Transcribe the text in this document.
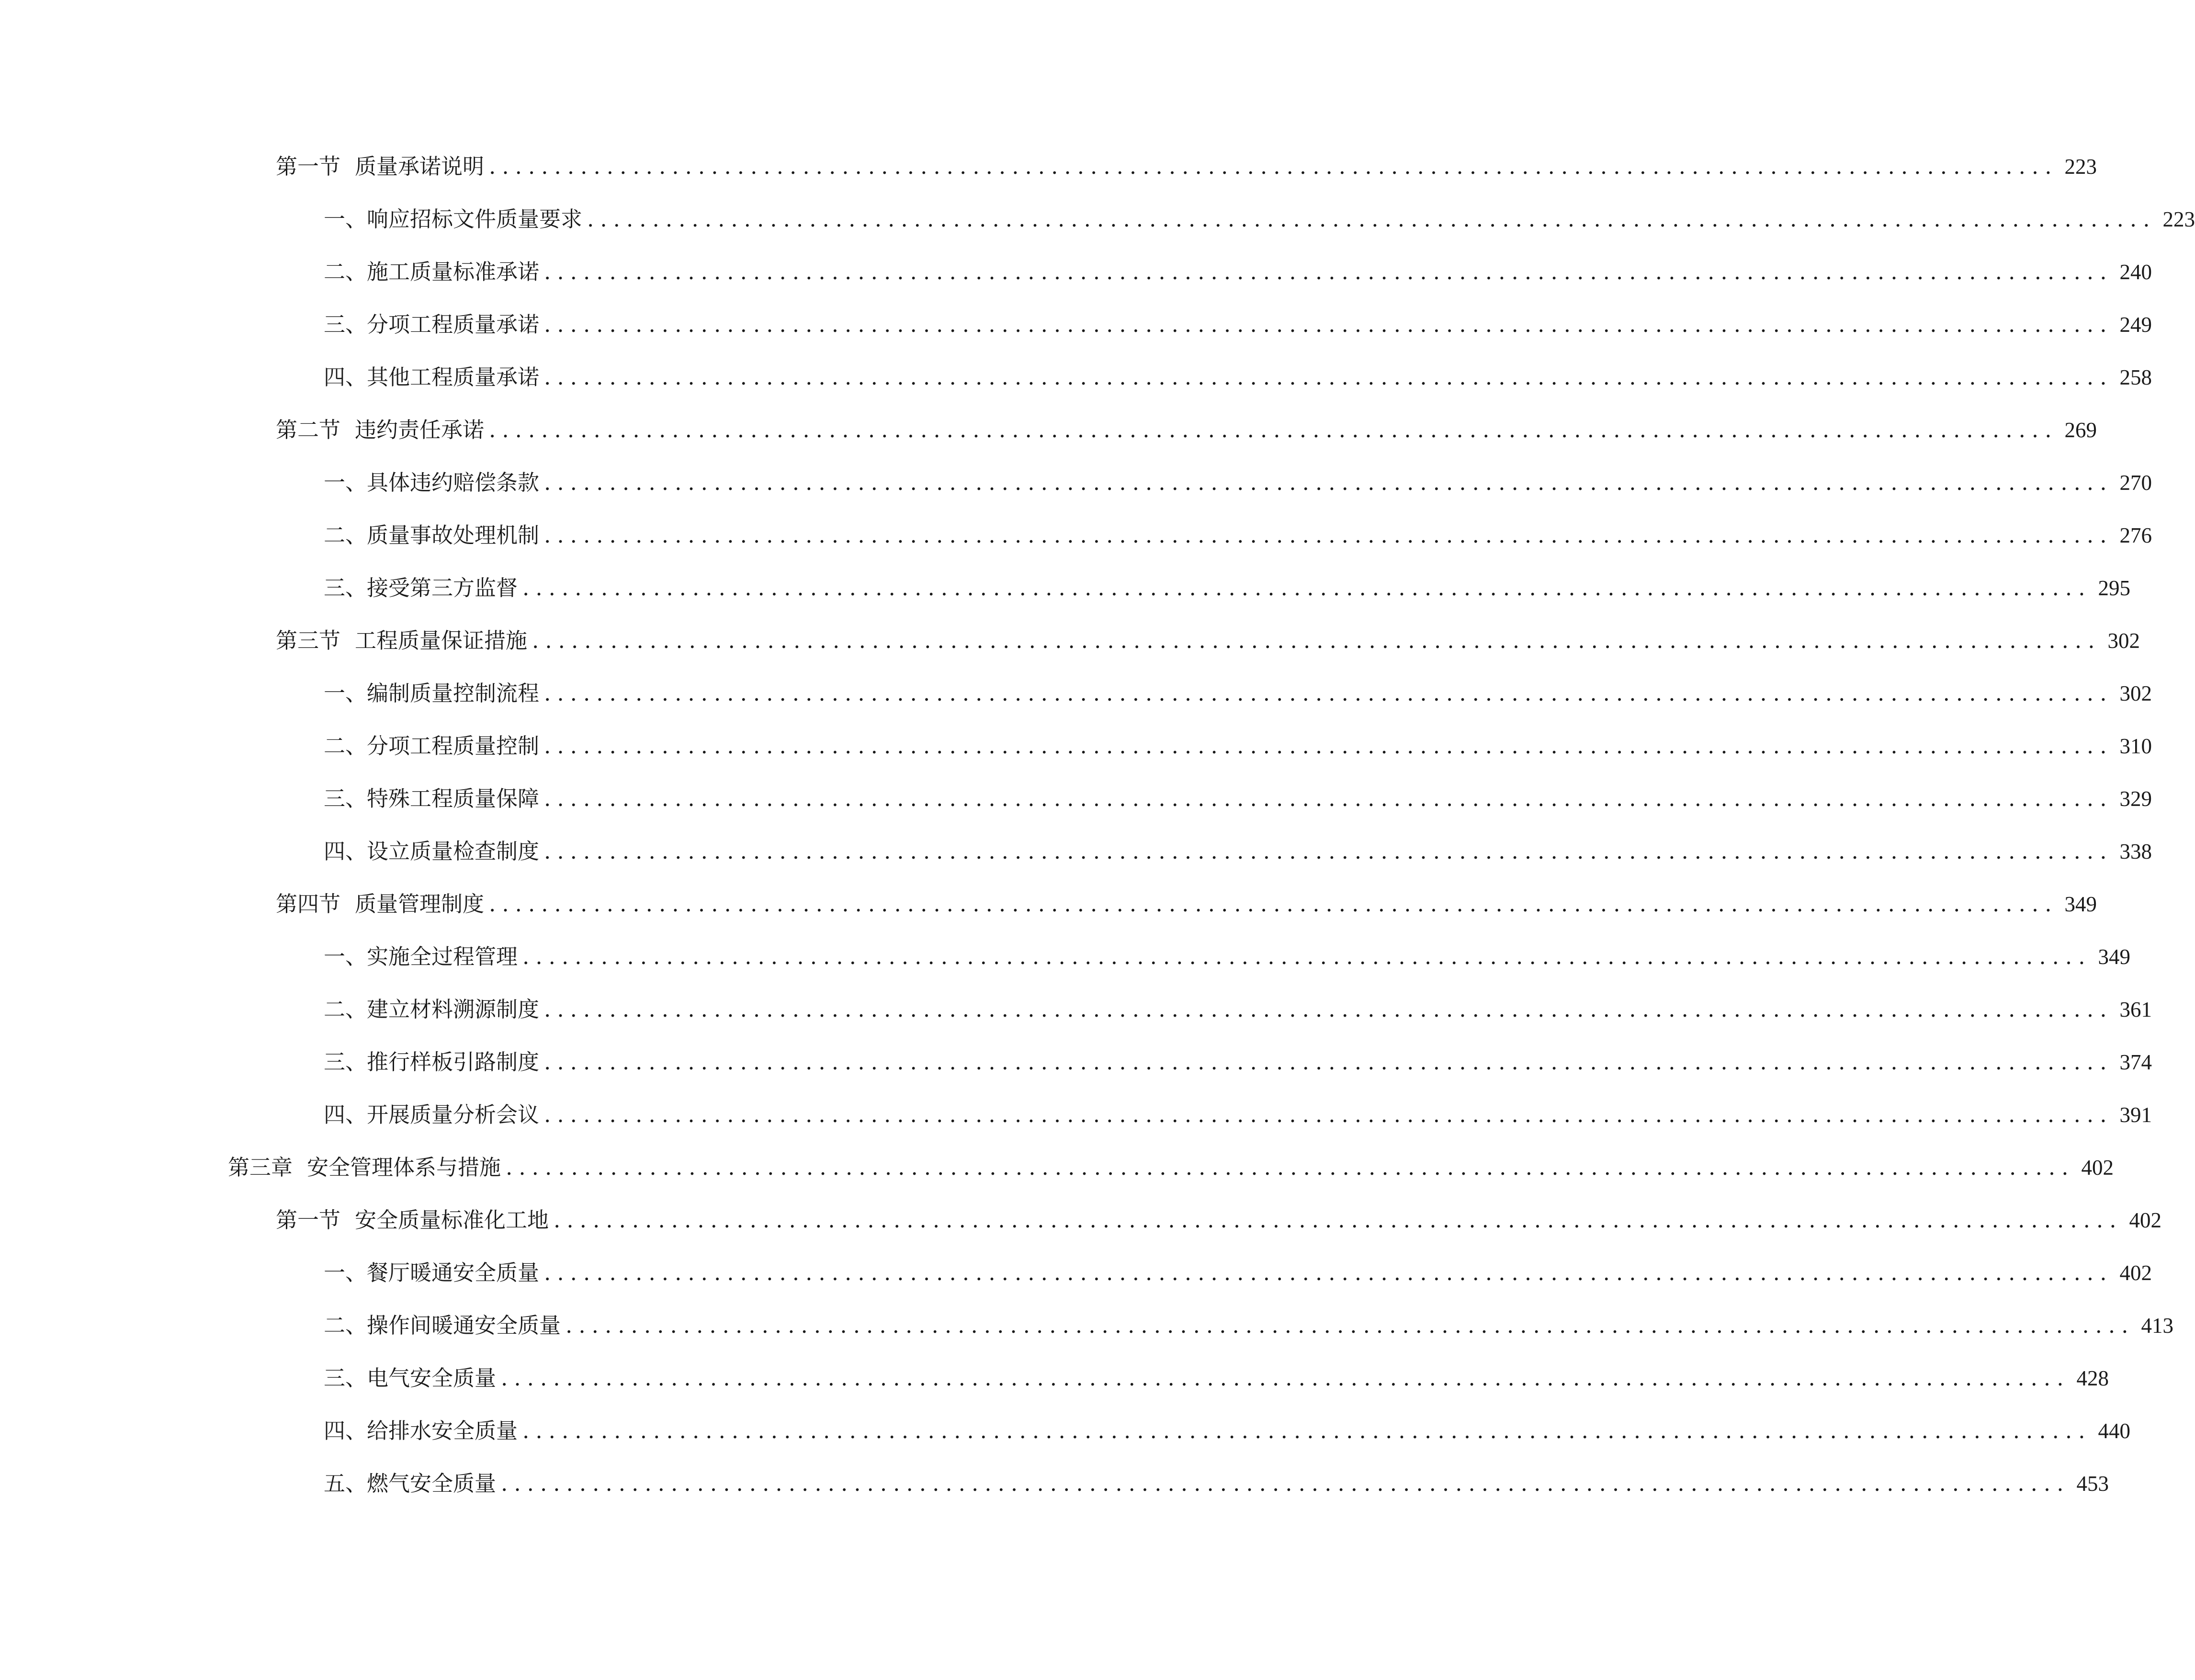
第一节 质量承诺说明 ........................................................................................................................ 223
一、 响应招标文件质量要求 ........................................................................................................................ 223
二、 施工质量标准承诺 ........................................................................................................................ 240
三、 分项工程质量承诺 ........................................................................................................................ 249
四、 其他工程质量承诺 ........................................................................................................................ 258
第二节 违约责任承诺 ........................................................................................................................ 269
一、 具体违约赔偿条款 ........................................................................................................................ 270
二、 质量事故处理机制 ........................................................................................................................ 276
三、 接受第三方监督 ........................................................................................................................ 295
第三节 工程质量保证措施 ........................................................................................................................ 302
一、 编制质量控制流程 ........................................................................................................................ 302
二、 分项工程质量控制 ........................................................................................................................ 310
三、 特殊工程质量保障 ........................................................................................................................ 329
四、 设立质量检查制度 ........................................................................................................................ 338
第四节 质量管理制度 ........................................................................................................................ 349
一、 实施全过程管理 ........................................................................................................................ 349
二、 建立材料溯源制度 ........................................................................................................................ 361
三、 推行样板引路制度 ........................................................................................................................ 374
四、 开展质量分析会议 ........................................................................................................................ 391
第三章 安全管理体系与措施 ........................................................................................................................ 402
第一节 安全质量标准化工地 ........................................................................................................................ 402
一、 餐厅暖通安全质量 ........................................................................................................................ 402
二、 操作间暖通安全质量 ........................................................................................................................ 413
三、 电气安全质量 ........................................................................................................................ 428
四、 给排水安全质量 ........................................................................................................................ 440
五、 燃气安全质量 ........................................................................................................................ 453
